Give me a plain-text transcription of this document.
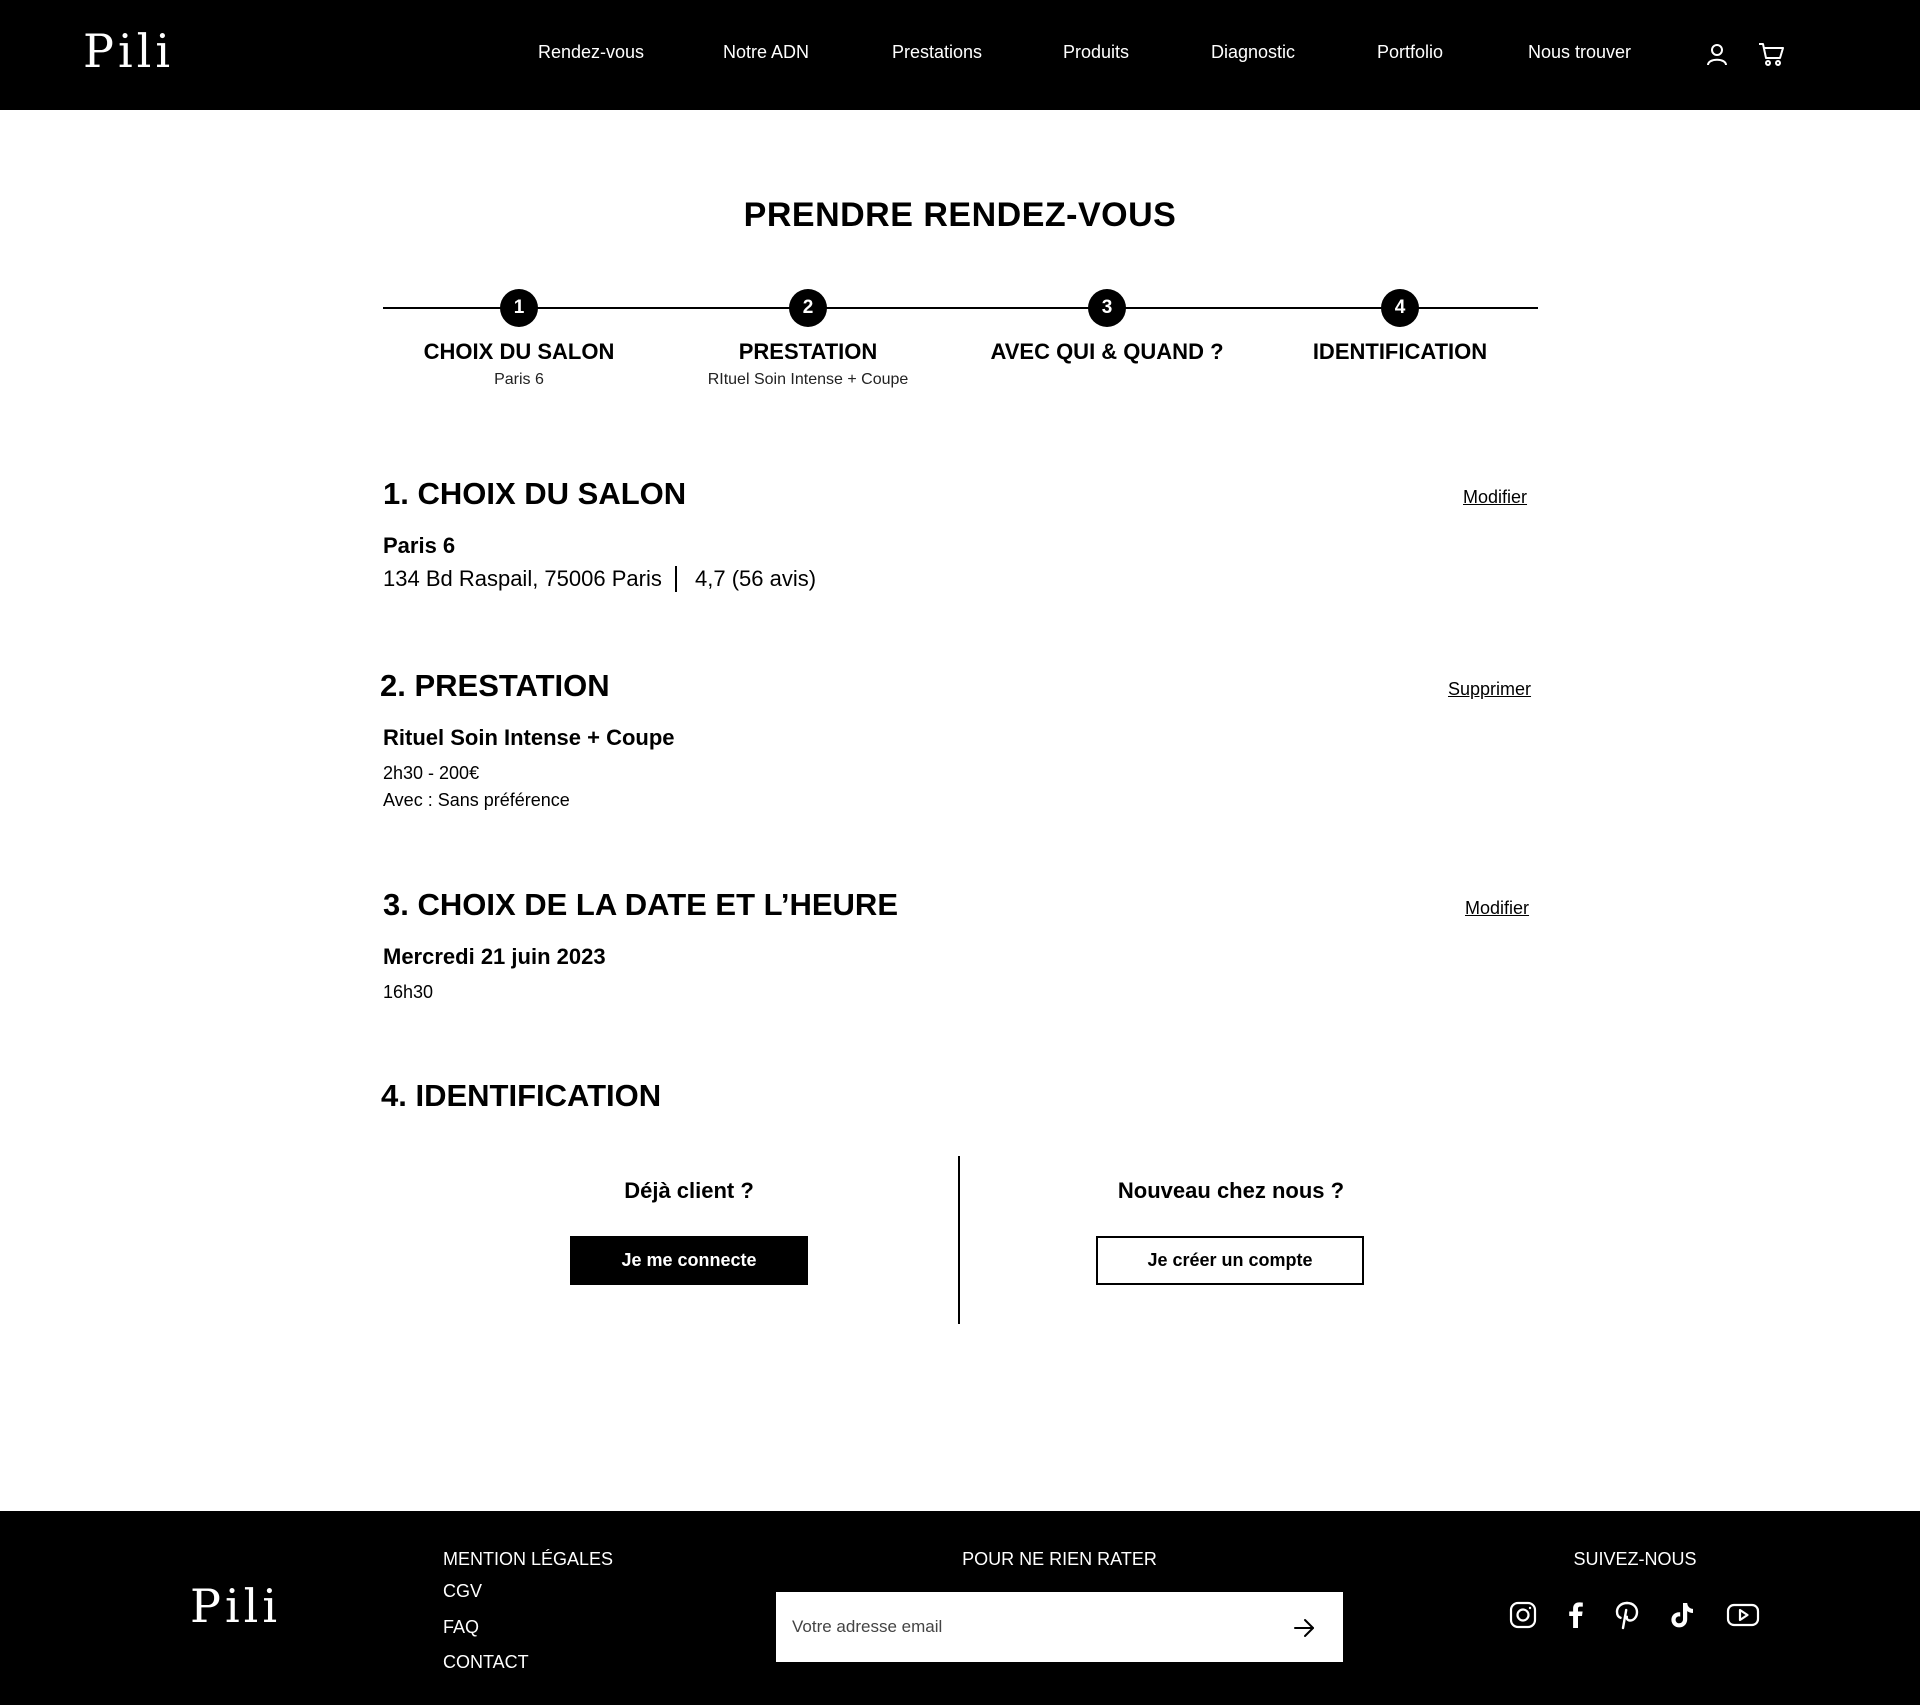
Pili	Rendez-vous	Notre ADN	Prestations	Produits	Diagnostic	Portfolio	Nous trouver
PRENDRE RENDEZ-VOUS
1
CHOIX DU SALON
Paris 6
2
PRESTATION
RItuel Soin Intense + Coupe
3
AVEC QUI & QUAND ?
4
IDENTIFICATION
1. CHOIX DU SALON	Modifier
Paris 6
134 Bd Raspail, 75006 Paris 4,7 (56 avis)
2. PRESTATION	Supprimer
Rituel Soin Intense + Coupe
2h30 - 200€
Avec : Sans préférence
3. CHOIX DE LA DATE ET L’HEURE	Modifier
Mercredi 21 juin 2023
16h30
4. IDENTIFICATION
Déjà client ?
Je me connecte
Nouveau chez nous ?
Je créer un compte
Pili
MENTION LÉGALES
CGV
FAQ
CONTACT
POUR NE RIEN RATER
Votre adresse email	SUIVEZ-NOUS
